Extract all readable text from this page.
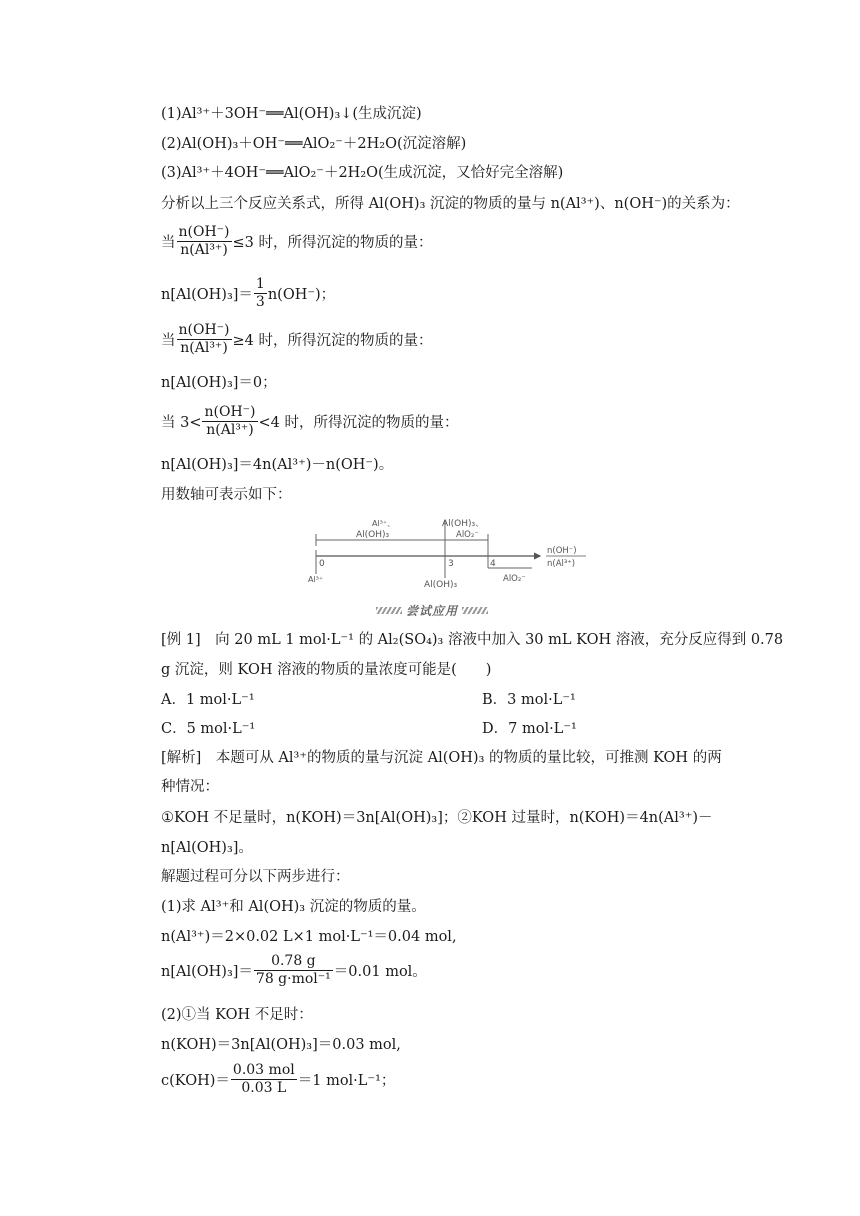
(1)Al³⁺＋3OH⁻══Al(OH)₃↓(生成沉淀)
(2)Al(OH)₃＋OH⁻══AlO₂⁻＋2H₂O(沉淀溶解)
(3)Al³⁺＋4OH⁻══AlO₂⁻＋2H₂O(生成沉淀，又恰好完全溶解)
分析以上三个反应关系式，所得 Al(OH)₃ 沉淀的物质的量与 n(Al³⁺)、n(OH⁻)的关系为：
当 $\frac{n(OH^-)}{\text{n(Al³⁺)}} \le 3$ 时，所得沉淀的物质的量：
$n[Al(OH)_3]= \frac{1}{3} n(OH^-)$；
当 $\frac{n(OH^-)}{\text{n(Al³⁺)}} \ge 4$ 时，所得沉淀的物质的量：
n[Al(OH)₃]＝0；
当 $3< \frac{n(OH^-)}{\text{n(Al³⁺)}} <4$ 时，所得沉淀的物质的量：
n[Al(OH)₃]＝4n(Al³⁺)－n(OH⁻)。
用数轴可表示如下：
Al³⁺、
Al(OH)₃
Al(OH)₃、
AlO₂⁻
0	3	4
Al³⁺
Al(OH)₃
AlO₂⁻
n(OH⁻)
n(Al³⁺)
尝试应用
[例 1]　向 20 mL 1 mol·L⁻¹ 的 Al₂(SO₄)₃ 溶液中加入 30 mL KOH 溶液，充分反应得到 0.78
g 沉淀，则 KOH 溶液的物质的量浓度可能是(　　)
A．1 mol·L⁻¹	B．3 mol·L⁻¹
C．5 mol·L⁻¹	D．7 mol·L⁻¹
[解析]　本题可从 Al³⁺的物质的量与沉淀 Al(OH)₃ 的物质的量比较，可推测 KOH 的两
种情况：
①KOH 不足量时，n(KOH)＝3n[Al(OH)₃]；②KOH 过量时，n(KOH)＝4n(Al³⁺)－
n[Al(OH)₃]。
解题过程可分以下两步进行：
(1)求 Al³⁺和 Al(OH)₃ 沉淀的物质的量。
n(Al³⁺)＝2×0.02 L×1 mol·L⁻¹＝0.04 mol,
$n[Al(OH)_3]= \frac{0.78 g}{\text{78 g·mol⁻¹}} =0.01$ mol。
(2)①当 KOH 不足时：
n(KOH)＝3n[Al(OH)₃]＝0.03 mol,
$c(KOH)= \frac{\text{0.03 mol}}{0.03 L} =1$ mol·L⁻¹；
